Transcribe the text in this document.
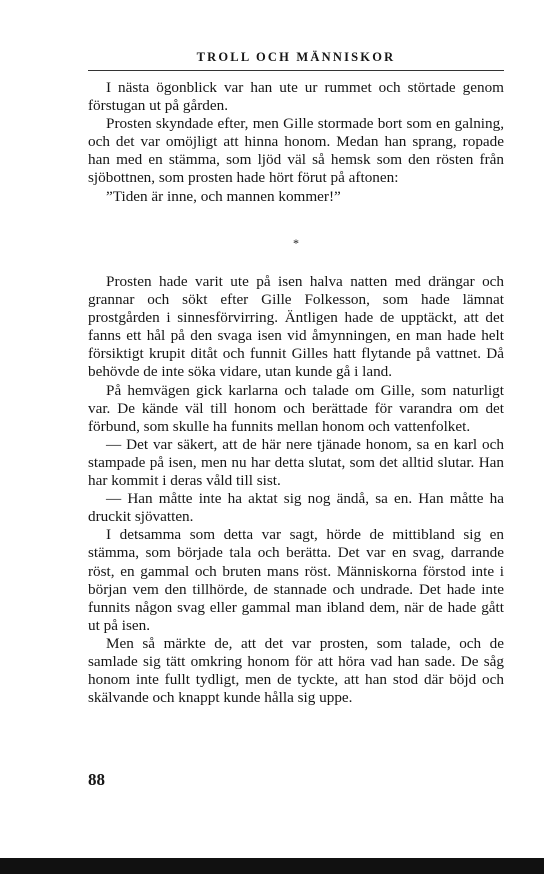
TROLL OCH MÄNNISKOR

I nästa ögonblick var han ute ur rummet och störtade genom förstugan ut på gården.

Prosten skyndade efter, men Gille stormade bort som en galning, och det var omöjligt att hinna honom. Medan han sprang, ropade han med en stämma, som ljöd väl så hemsk som den rösten från sjöbottnen, som prosten hade hört förut på aftonen:

”Tiden är inne, och mannen kommer!”

*

Prosten hade varit ute på isen halva natten med drängar och grannar och sökt efter Gille Folkesson, som hade lämnat prostgården i sinnesförvirring. Äntligen hade de upptäckt, att det fanns ett hål på den svaga isen vid åmynningen, en man hade helt försiktigt krupit ditåt och funnit Gilles hatt flytande på vattnet. Då behövde de inte söka vidare, utan kunde gå i land.

På hemvägen gick karlarna och talade om Gille, som naturligt var. De kände väl till honom och berättade för varandra om det förbund, som skulle ha funnits mellan honom och vattenfolket.

— Det var säkert, att de här nere tjänade honom, sa en karl och stampade på isen, men nu har detta slutat, som det alltid slutar. Han har kommit i deras våld till sist.

— Han måtte inte ha aktat sig nog ändå, sa en. Han måtte ha druckit sjövatten.

I detsamma som detta var sagt, hörde de mittibland sig en stämma, som började tala och berätta. Det var en svag, darrande röst, en gammal och bruten mans röst. Människorna förstod inte i början vem den tillhörde, de stannade och undrade. Det hade inte funnits någon svag eller gammal man ibland dem, när de hade gått ut på isen.

Men så märkte de, att det var prosten, som talade, och de samlade sig tätt omkring honom för att höra vad han sade. De såg honom inte fullt tydligt, men de tyckte, att han stod där böjd och skälvande och knappt kunde hålla sig uppe.

88
